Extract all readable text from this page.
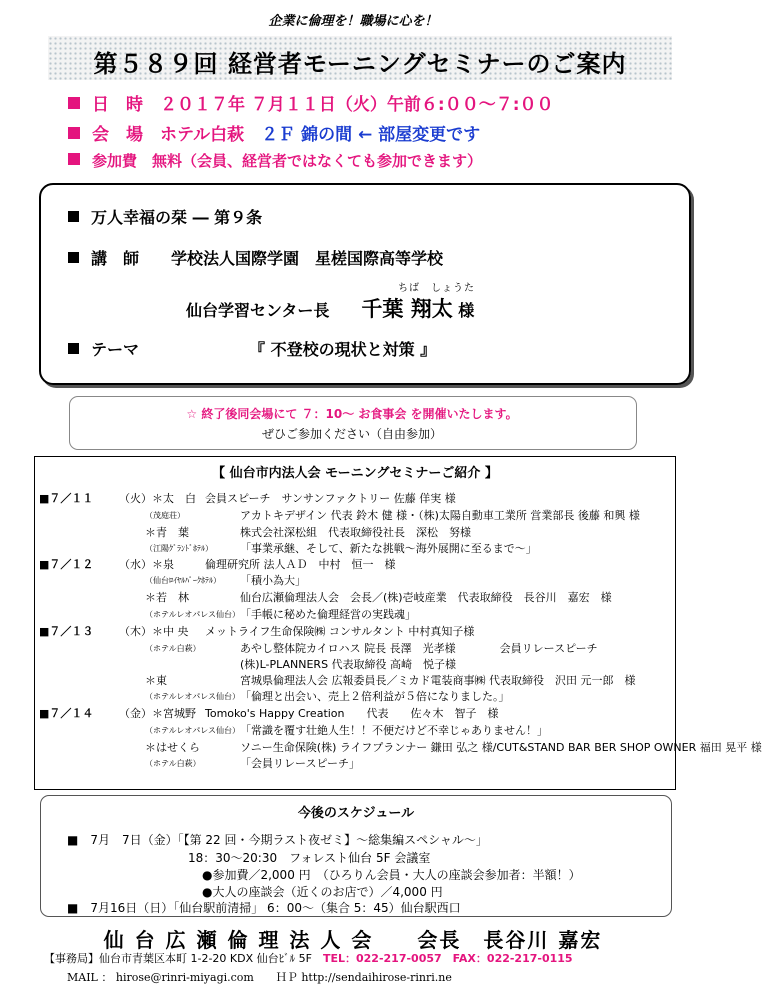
企業に倫理を！職場に心を！
第５８９回 経営者モーニングセミナーのご案内
日　時　 ２０１７年 ７月１１日（火）午前６:００～７:００
会　場　 ホテル白萩　 ２Ｆ 錦の間 ← 部屋変更です
参加費　 無料（会員、経営者ではなくても参加できます）
万人幸福の栞 ― 第９条
講　師　　 学校法人国際学園　星槎国際高等学校
ちば　しょうた
仙台学習センター長　　 千葉 翔太 様
テーマ	『 不登校の現状と対策 』
☆ 終了後同会場にて ７：10～ お食事会 を開催いたします。
ぜひご参加ください（自由参加）
【 仙台市内法人会 モーニングセミナーご紹介 】
■７／１１ （火）＊太　白 会員スピーチ　サンサンファクトリー 佐藤 佯実 様
（茂庭荘）	アカトキデザイン 代表 鈴木 健 様・（株)太陽自動車工業所 営業部長 後藤 和興 様
＊青　葉	株式会社深松組　代表取締役社長　深松　努様
（江陽ｸﾞﾗﾝﾄﾞﾎﾃﾙ） 「事業承継、そして、新たな挑戦～海外展開に至るまで～」
■７／１２ （水）＊泉	倫理研究所 法人ＡＤ　中村　恒一　様
（仙台ﾛｲﾔﾙﾊﾟｰｸﾎﾃﾙ） 「積小為大」
＊若　林	仙台広瀬倫理法人会　会長／(株)壱岐産業　代表取締役　長谷川　嘉宏　様
（ホテルレオパレス仙台） 「手帳に秘めた倫理経営の実践魂」
■７／１３ （木）＊中 央 メットライフ生命保険㈱ コンサルタント 中村真知子様
（ホテル白萩）	あやし整体院カイロハス 院長 長澤　光孝様　　　　会員リレースピーチ
(株)L-PLANNERS 代表取締役 高崎　悦子様
＊東	宮城県倫理法人会 広報委員長／ミカド電装商事㈱ 代表取締役　沢田 元一郎　様
（ホテルレオパレス仙台） 「倫理と出会い、売上２倍利益が５倍になりました。」
■７／１４ （金）＊宮城野 Tomoko's Happy Creation　　代表　　佐々木　智子　様
（ホテルレオパレス仙台） 「常識を覆す壮絶人生！！不便だけど不幸じゃありません！」
＊はせくら	ソニー生命保険(株) ライフプランナー 鎌田 弘之 様/CUT&STAND BAR BER SHOP OWNER 福田 晃平 様
（ホテル白萩）	「会員リレースピーチ」
今後のスケジュール
■　7月　7日（金）「【第 22 回・今期ラスト夜ゼミ】～総集編スペシャル～」
18：30～20:30　フォレスト仙台 5F 会議室
●参加費／2,000 円　（ひろりん会員・大人の座談会参加者：半額！）
●大人の座談会（近くのお店で）／4,000 円
■　7月16日（日）「仙台駅前清掃」 6：00～（集合 5：45）仙台駅西口
仙 台 広 瀬 倫 理 法 人 会　　会長　長谷川 嘉宏
【事務局】仙台市青葉区本町 1-2-20 KDX 仙台ﾋﾞﾙ 5F　 TEL：022-217-0057　FAX：022-217-0115
MAIL ： hirose@rinri-miyagi.com　　 ＨＰ http://sendaihirose-rinri.ne
